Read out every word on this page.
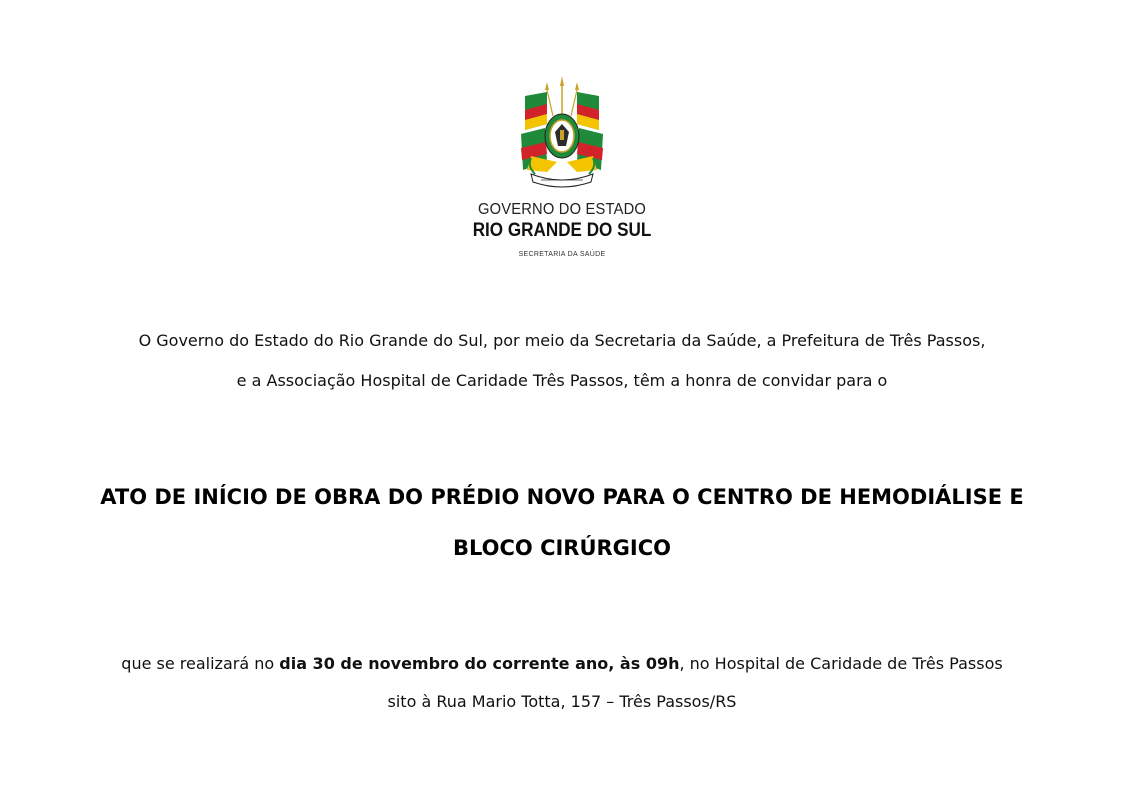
GOVERNO DO ESTADO
RIO GRANDE DO SUL
SECRETARIA DA SAÚDE
O Governo do Estado do Rio Grande do Sul, por meio da Secretaria da Saúde, a Prefeitura de Três Passos,
e a Associação Hospital de Caridade Três Passos, têm a honra de convidar para o
ATO DE INÍCIO DE OBRA DO PRÉDIO NOVO PARA O CENTRO DE HEMODIÁLISE E
BLOCO CIRÚRGICO
que se realizará no dia 30 de novembro do corrente ano, às 09h, no Hospital de Caridade de Três Passos
sito à Rua Mario Totta, 157 – Três Passos/RS
